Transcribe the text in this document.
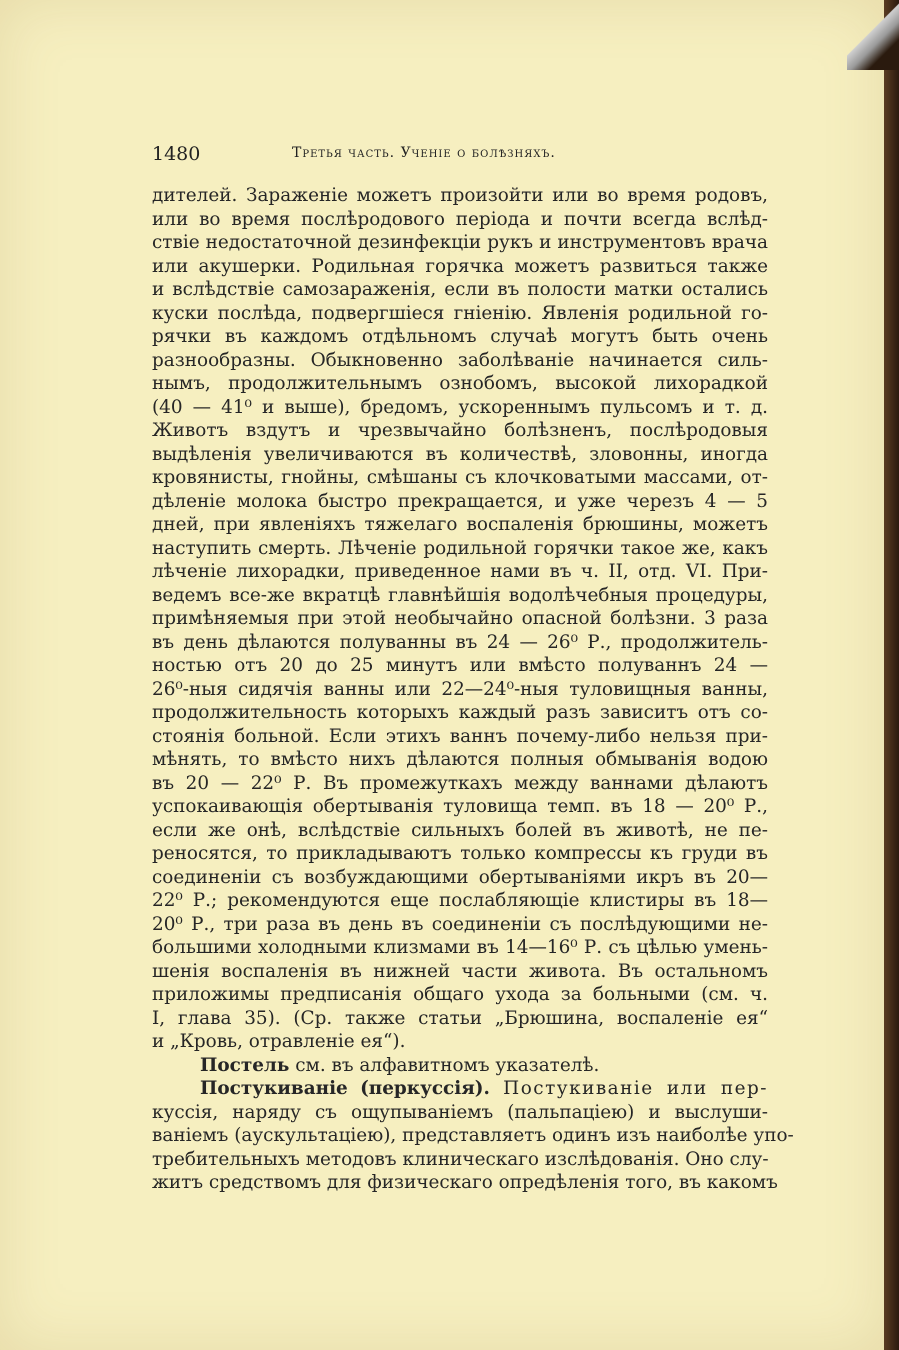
1480	Третья часть. Ученіе о болѣзняхъ.
дителей. Зараженіе можетъ произойти или во время родовъ,
или во время послѣродового періода и почти всегда вслѣд-
ствіе недостаточной дезинфекціи рукъ и инструментовъ врача
или акушерки. Родильная горячка можетъ развиться также
и вслѣдствіе самозараженія, если въ полости матки остались
куски послѣда, подвергшіеся гніенію. Явленія родильной го-
рячки въ каждомъ отдѣльномъ случаѣ могутъ быть очень
разнообразны. Обыкновенно заболѣваніе начинается силь-
нымъ, продолжительнымъ ознобомъ, высокой лихорадкой
(40 — 41⁰ и выше), бредомъ, ускореннымъ пульсомъ и т. д.
Животъ вздутъ и чрезвычайно болѣзненъ, послѣродовыя
выдѣленія увеличиваются въ количествѣ, зловонны, иногда
кровянисты, гнойны, смѣшаны съ клочковатыми массами, от-
дѣленіе молока быстро прекращается, и уже черезъ 4 — 5
дней, при явленіяхъ тяжелаго воспаленія брюшины, можетъ
наступить смерть. Лѣченіе родильной горячки такое же, какъ
лѣченіе лихорадки, приведенное нами въ ч. II, отд. VI. При-
ведемъ все-же вкратцѣ главнѣйшія водолѣчебныя процедуры,
примѣняемыя при этой необычайно опасной болѣзни. 3 раза
въ день дѣлаются полуванны въ 24 — 26⁰ Р., продолжитель-
ностью отъ 20 до 25 минутъ или вмѣсто полуваннъ 24 —
26⁰-ныя сидячія ванны или 22—24⁰-ныя туловищныя ванны,
продолжительность которыхъ каждый разъ зависитъ отъ со-
стоянія больной. Если этихъ ваннъ почему-либо нельзя при-
мѣнять, то вмѣсто нихъ дѣлаются полныя обмыванія водою
въ 20 — 22⁰ Р. Въ промежуткахъ между ваннами дѣлаютъ
успокаивающія обертыванія туловища темп. въ 18 — 20⁰ Р.,
если же онѣ, вслѣдствіе сильныхъ болей въ животѣ, не пе-
реносятся, то прикладываютъ только компрессы къ груди въ
соединеніи съ возбуждающими обертываніями икръ въ 20—
22⁰ Р.; рекомендуются еще послабляющіе клистиры въ 18—
20⁰ Р., три раза въ день въ соединеніи съ послѣдующими не-
большими холодными клизмами въ 14—16⁰ Р. съ цѣлью умень-
шенія воспаленія въ нижней части живота. Въ остальномъ
приложимы предписанія общаго ухода за больными (см. ч.
I, глава 35). (Ср. также статьи „Брюшина, воспаленіе ея“
и „Кровь, отравленіе ея“).
Постель см. въ алфавитномъ указателѣ.
Постукиваніе (перкуссія). Постукиваніе или пер-
куссія, наряду съ ощупываніемъ (пальпаціею) и выслуши-
ваніемъ (аускультаціею), представляетъ одинъ изъ наиболѣе упо-
требительныхъ методовъ клиническаго изслѣдованія. Оно слу-
житъ средствомъ для физическаго опредѣленія того, въ какомъ
